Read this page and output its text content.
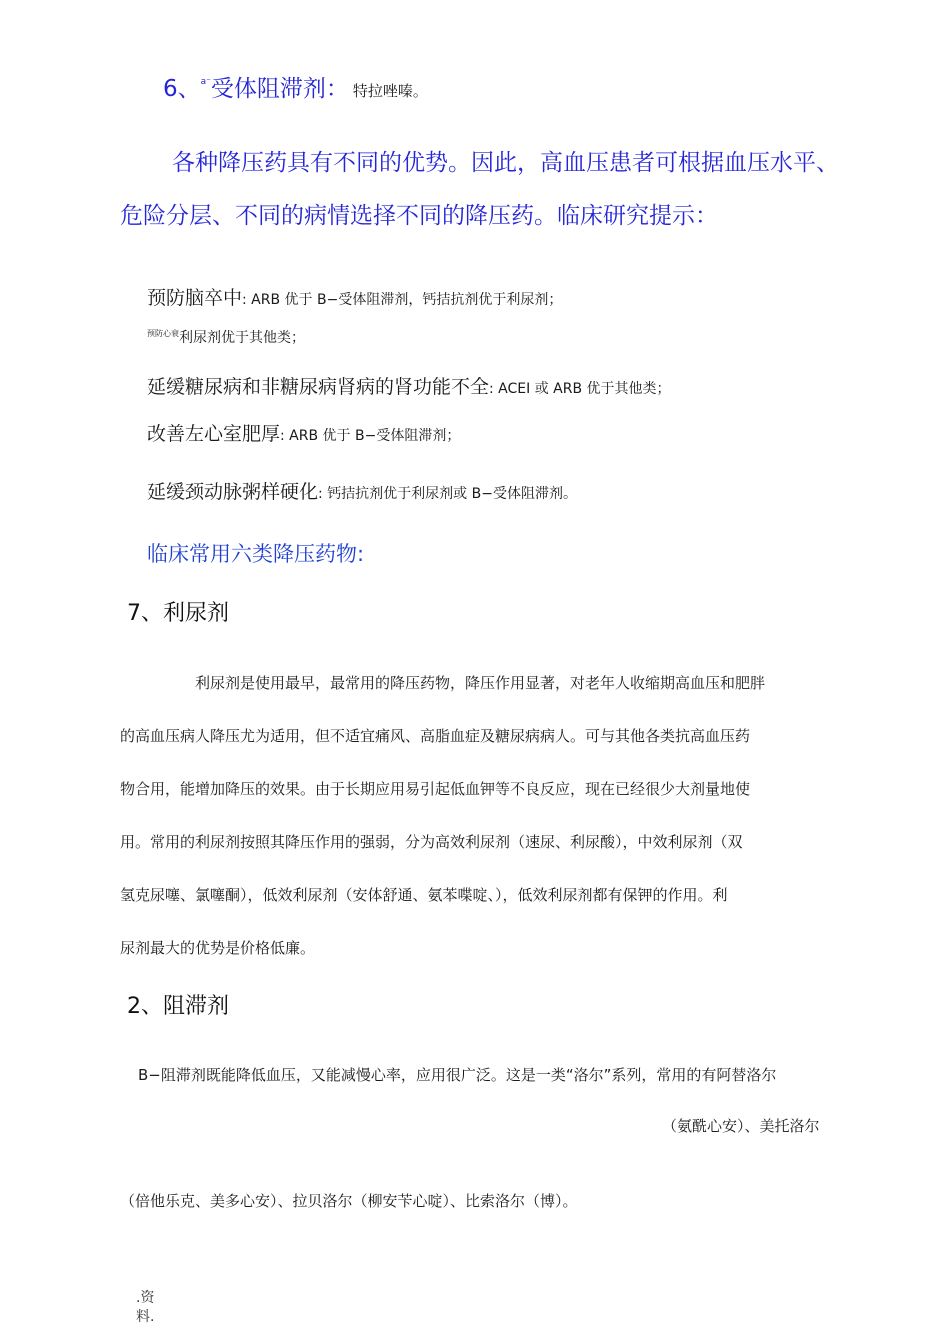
6、$^{a^-}$受体阻滞剂： 特拉唑嗪。
各种降压药具有不同的优势。因此，高血压患者可根据血压水平、
危险分层、不同的病情选择不同的降压药。临床研究提示：
预防脑卒中: ARB 优于 B−受体阻滞剂，钙拮抗剂优于利尿剂；
$^{预防心衰}$利尿剂优于其他类；
延缓糖尿病和非糖尿病肾病的肾功能不全: ACEI 或 ARB 优于其他类；
改善左心室肥厚: ARB 优于 B−受体阻滞剂；
延缓颈动脉粥样硬化: 钙拮抗剂优于利尿剂或 B−受体阻滞剂。
临床常用六类降压药物:
7、利尿剂
利尿剂是使用最早，最常用的降压药物，降压作用显著，对老年人收缩期高血压和肥胖
的高血压病人降压尤为适用，但不适宜痛风、高脂血症及糖尿病病人。可与其他各类抗高血压药
物合用，能增加降压的效果。由于长期应用易引起低血钾等不良反应，现在已经很少大剂量地使
用。常用的利尿剂按照其降压作用的强弱，分为高效利尿剂（速尿、利尿酸），中效利尿剂（双
氢克尿噻、氯噻酮），低效利尿剂（安体舒通、氨苯喋啶、），低效利尿剂都有保钾的作用。利
尿剂最大的优势是价格低廉。
2、阻滞剂
B−阻滞剂既能降低血压，又能减慢心率，应用很广泛。这是一类“洛尔”系列，常用的有阿替洛尔
（氨酰心安）、美托洛尔
（倍他乐克、美多心安）、拉贝洛尔（柳安苄心啶）、比索洛尔（博）。
.资
料.
